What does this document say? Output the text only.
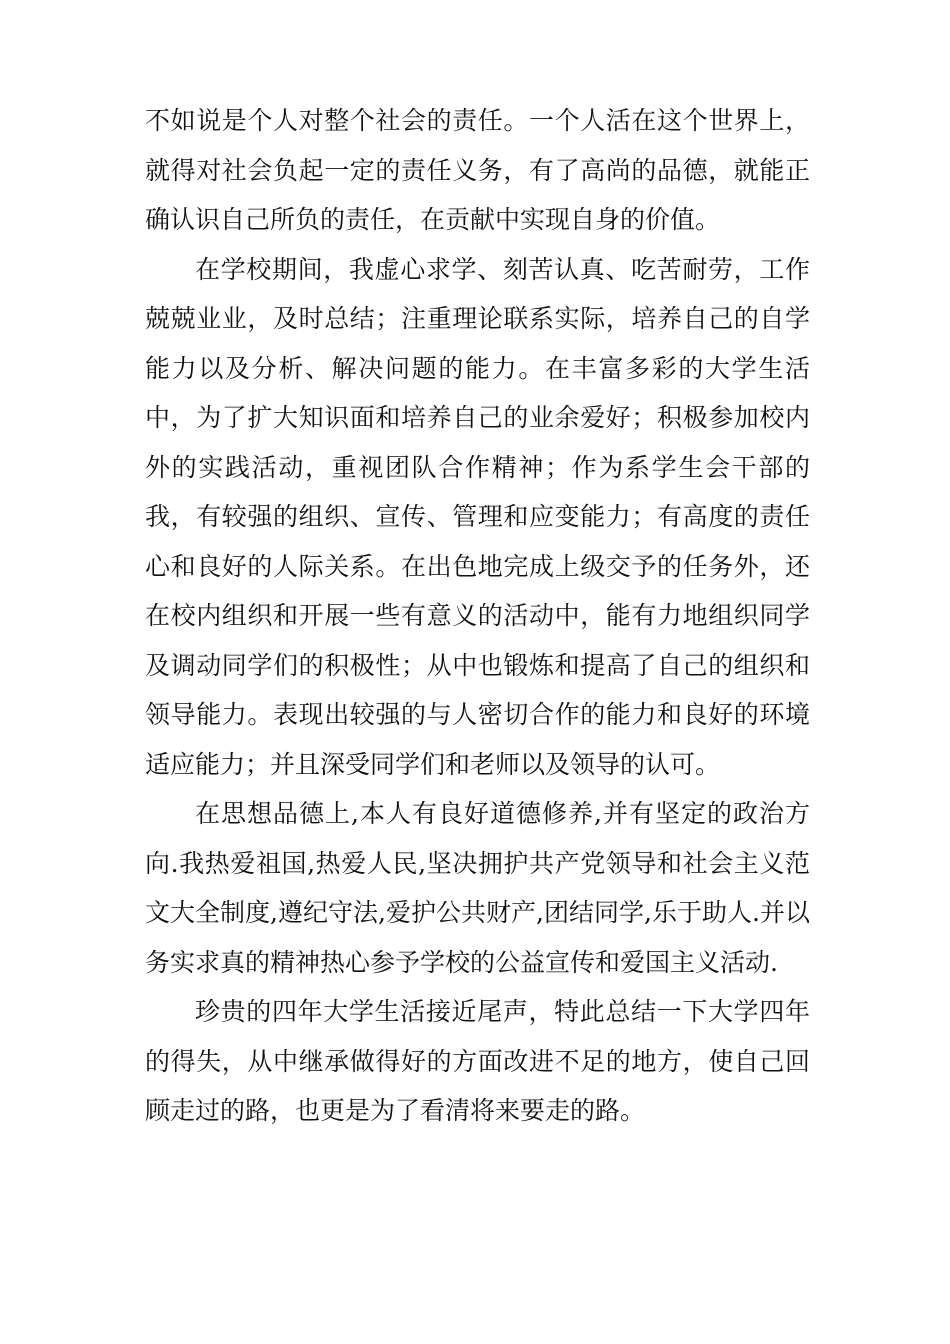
不如说是个人对整个社会的责任。一个人活在这个世界上，就得对社会负起一定的责任义务，有了高尚的品德，就能正确认识自己所负的责任，在贡献中实现自身的价值。

在学校期间，我虚心求学、刻苦认真、吃苦耐劳，工作兢兢业业，及时总结；注重理论联系实际，培养自己的自学能力以及分析、解决问题的能力。在丰富多彩的大学生活中，为了扩大知识面和培养自己的业余爱好；积极参加校内外的实践活动，重视团队合作精神；作为系学生会干部的我，有较强的组织、宣传、管理和应变能力；有高度的责任心和良好的人际关系。在出色地完成上级交予的任务外，还在校内组织和开展一些有意义的活动中，能有力地组织同学及调动同学们的积极性；从中也锻炼和提高了自己的组织和领导能力。表现出较强的与人密切合作的能力和良好的环境适应能力；并且深受同学们和老师以及领导的认可。

在思想品德上,本人有良好道德修养,并有坚定的政治方向.我热爱祖国,热爱人民,坚决拥护共产党领导和社会主义范文大全制度,遵纪守法,爱护公共财产,团结同学,乐于助人.并以务实求真的精神热心参予学校的公益宣传和爱国主义活动.

珍贵的四年大学生活接近尾声，特此总结一下大学四年的得失，从中继承做得好的方面改进不足的地方，使自己回顾走过的路，也更是为了看清将来要走的路。
